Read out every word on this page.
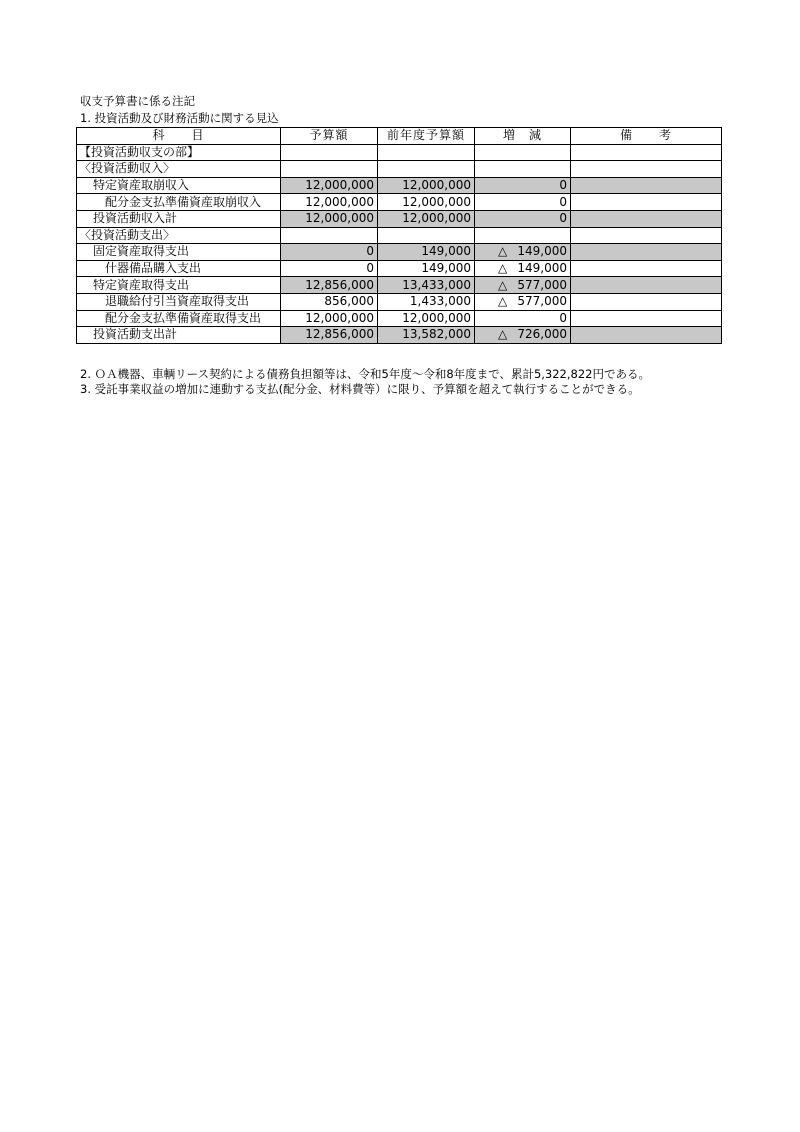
収支予算書に係る注記
1. 投資活動及び財務活動に関する見込
科　　目	予算額	前年度予算額	増　減	備　　考
【投資活動収支の部】			

〈投資活動収入〉			

特定資産取崩収入	12,000,000	12,000,000	0	
配分金支払準備資産取崩収入	12,000,000	12,000,000	0	
投資活動収入計	12,000,000	12,000,000	0	
〈投資活動支出〉			

固定資産取得支出	0	149,000	△ 149,000	
什器備品購入支出	0	149,000	△ 149,000	
特定資産取得支出	12,856,000	13,433,000	△ 577,000	
退職給付引当資産取得支出	856,000	1,433,000	△ 577,000	
配分金支払準備資産取得支出	12,000,000	12,000,000	0	
投資活動支出計	12,856,000	13,582,000	△ 726,000	
2. ＯＡ機器、車輌リース契約による債務負担額等は、令和5年度～令和8年度まで、累計5,322,822円である。
3. 受託事業収益の増加に連動する支払(配分金、材料費等）に限り、予算額を超えて執行することができる。
